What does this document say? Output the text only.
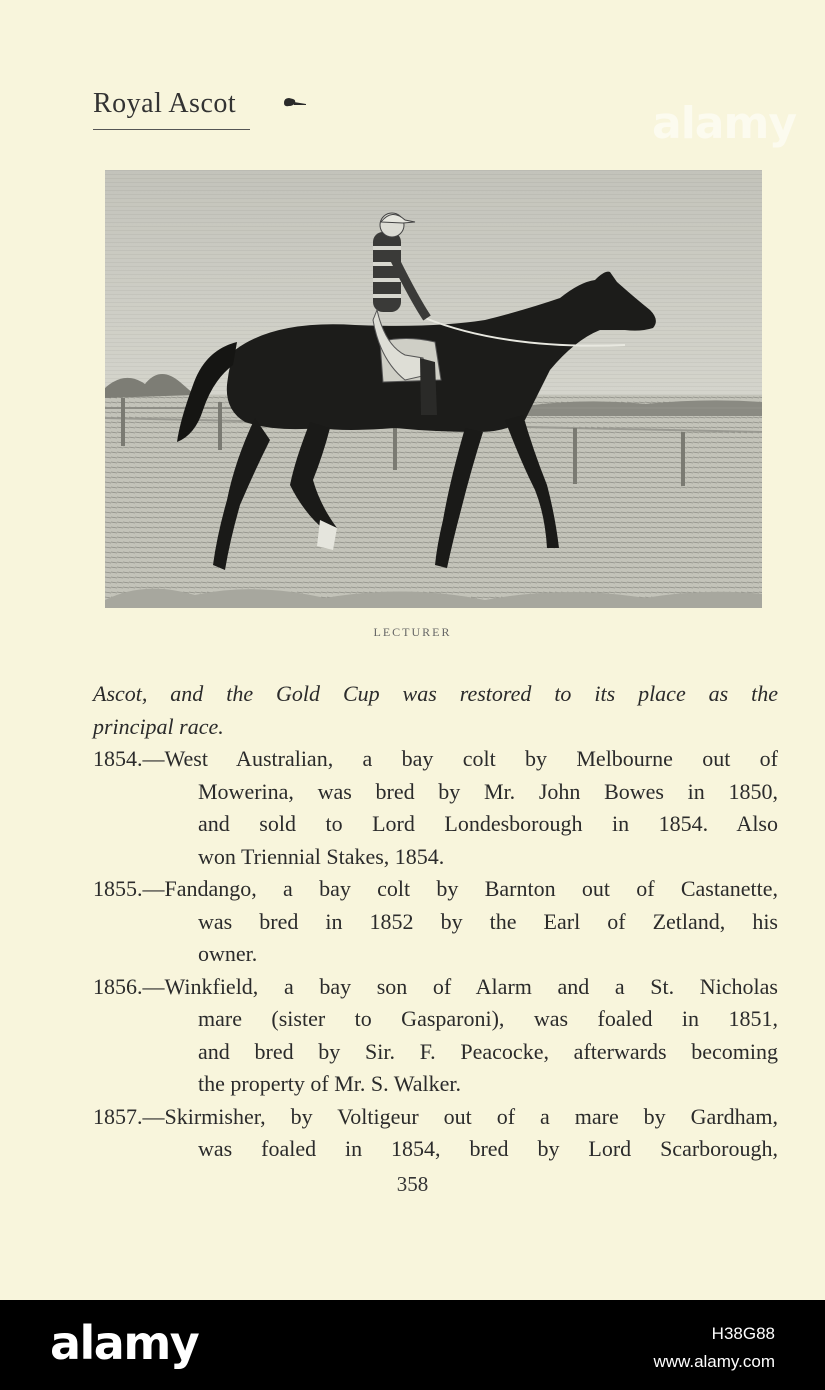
Royal Ascot	alamy
LECTURER
Ascot, and the Gold Cup was restored to its place as the
principal race.
1854.—West Australian, a bay colt by Melbourne out of
Mowerina, was bred by Mr. John Bowes in 1850,
and sold to Lord Londesborough in 1854. Also
won Triennial Stakes, 1854.
1855.—Fandango, a bay colt by Barnton out of Castanette,
was bred in 1852 by the Earl of Zetland, his
owner.
1856.—Winkfield, a bay son of Alarm and a St. Nicholas
mare (sister to Gasparoni), was foaled in 1851,
and bred by Sir. F. Peacocke, afterwards becoming
the property of Mr. S. Walker.
1857.—Skirmisher, by Voltigeur out of a mare by Gardham,
was foaled in 1854, bred by Lord Scarborough,
358
alamy	H38G88
www.alamy.com
